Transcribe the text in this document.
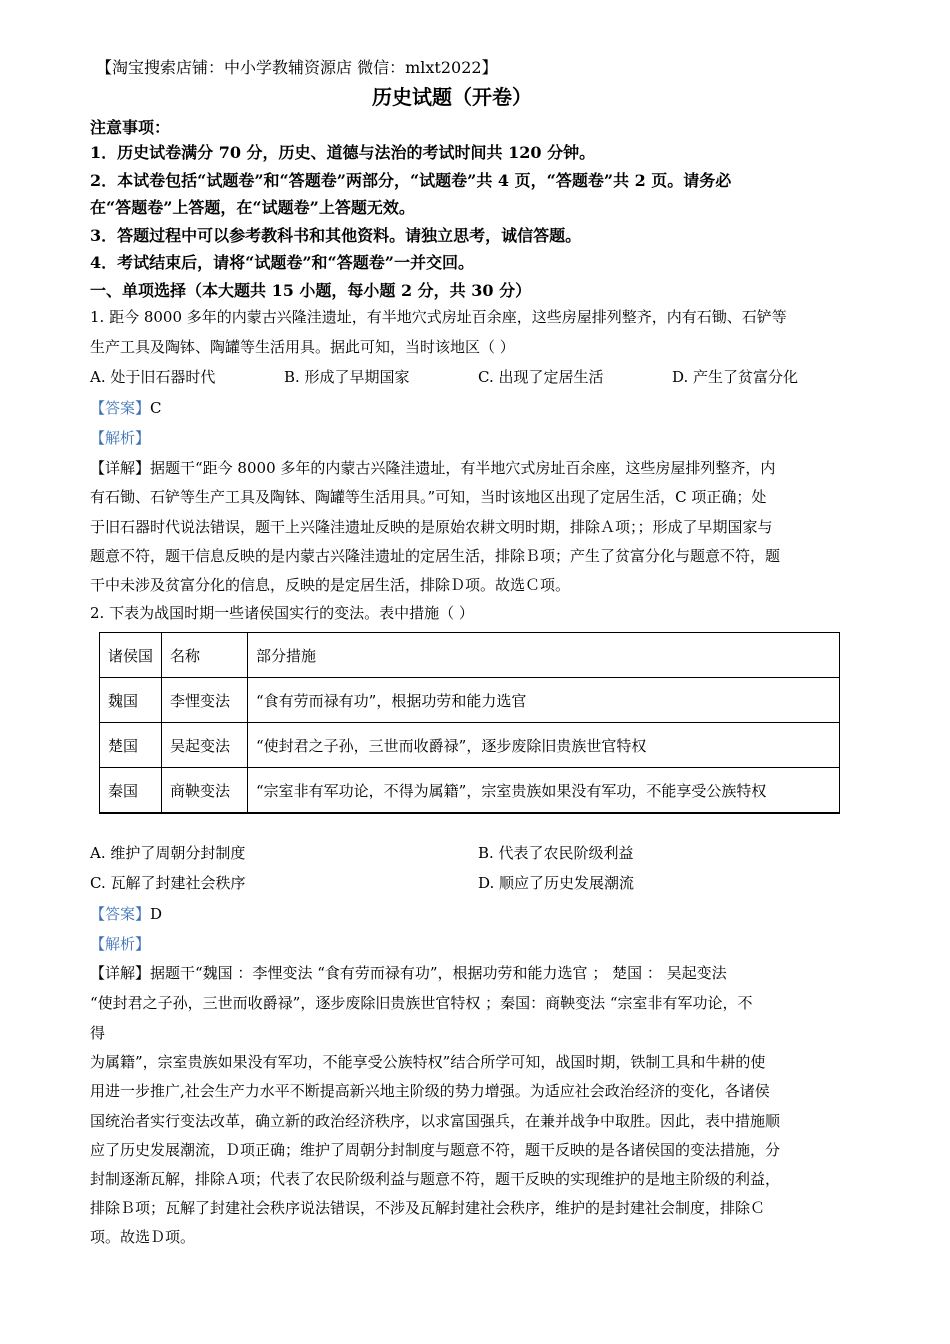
【淘宝搜索店铺：中小学教辅资源店 微信：mlxt2022】
历史试题（开卷）
注意事项：
1．历史试卷满分 70 分，历史、道德与法治的考试时间共 120 分钟。
2．本试卷包括“试题卷”和“答题卷”两部分，“试题卷”共 4 页，“答题卷”共 2 页。请务必
在“答题卷”上答题，在“试题卷”上答题无效。
3．答题过程中可以参考教科书和其他资料。请独立思考，诚信答题。
4．考试结束后，请将“试题卷”和“答题卷”一并交回。
一、单项选择（本大题共 15 小题，每小题 2 分，共 30 分）
1. 距今 8000 多年的内蒙古兴隆洼遗址，有半地穴式房址百余座，这些房屋排列整齐，内有石锄、石铲等
生产工具及陶钵、陶罐等生活用具。据此可知，当时该地区（ ）
A. 处于旧石器时代	B. 形成了早期国家	C. 出现了定居生活	D. 产生了贫富分化
【答案】C
【解析】
【详解】据题干“距今 8000 多年的内蒙古兴隆洼遗址，有半地穴式房址百余座，这些房屋排列整齐，内
有石锄、石铲等生产工具及陶钵、陶罐等生活用具。”可知，当时该地区出现了定居生活，C 项正确；处
于旧石器时代说法错误，题干上兴隆洼遗址反映的是原始农耕文明时期，排除Ａ项；；形成了早期国家与
题意不符，题干信息反映的是内蒙古兴隆洼遗址的定居生活，排除Ｂ项；产生了贫富分化与题意不符，题
干中未涉及贫富分化的信息，反映的是定居生活，排除Ｄ项。故选Ｃ项。
2. 下表为战国时期一些诸侯国实行的变法。表中措施（ ）
诸侯国	名称	部分措施
魏国	李悝变法	“食有劳而禄有功”，根据功劳和能力选官
楚国	吴起变法	“使封君之子孙，三世而收爵禄”，逐步废除旧贵族世官特权
秦国	商鞅变法	“宗室非有军功论，不得为属籍”，宗室贵族如果没有军功，不能享受公族特权
A. 维护了周朝分封制度	B. 代表了农民阶级利益
C. 瓦解了封建社会秩序	D. 顺应了历史发展潮流
【答案】D
【解析】
【详解】据题干“魏国 ：李悝变法 “食有劳而禄有功”，根据功劳和能力选官 ； 楚国 ： 吴起变法
“使封君之子孙，三世而收爵禄”，逐步废除旧贵族世官特权 ；秦国：商鞅变法 “宗室非有军功论，不
得
为属籍”，宗室贵族如果没有军功，不能享受公族特权”结合所学可知，战国时期，铁制工具和牛耕的使
用进一步推广,社会生产力水平不断提高新兴地主阶级的势力增强。为适应社会政治经济的变化，各诸侯
国统治者实行变法改革，确立新的政治经济秩序，以求富国强兵，在兼并战争中取胜。因此，表中措施顺
应了历史发展潮流，Ｄ项正确；维护了周朝分封制度与题意不符，题干反映的是各诸侯国的变法措施，分
封制逐渐瓦解，排除Ａ项；代表了农民阶级利益与题意不符，题干反映的实现维护的是地主阶级的利益，
排除Ｂ项；瓦解了封建社会秩序说法错误，不涉及瓦解封建社会秩序，维护的是封建社会制度，排除Ｃ
项。故选Ｄ项。
